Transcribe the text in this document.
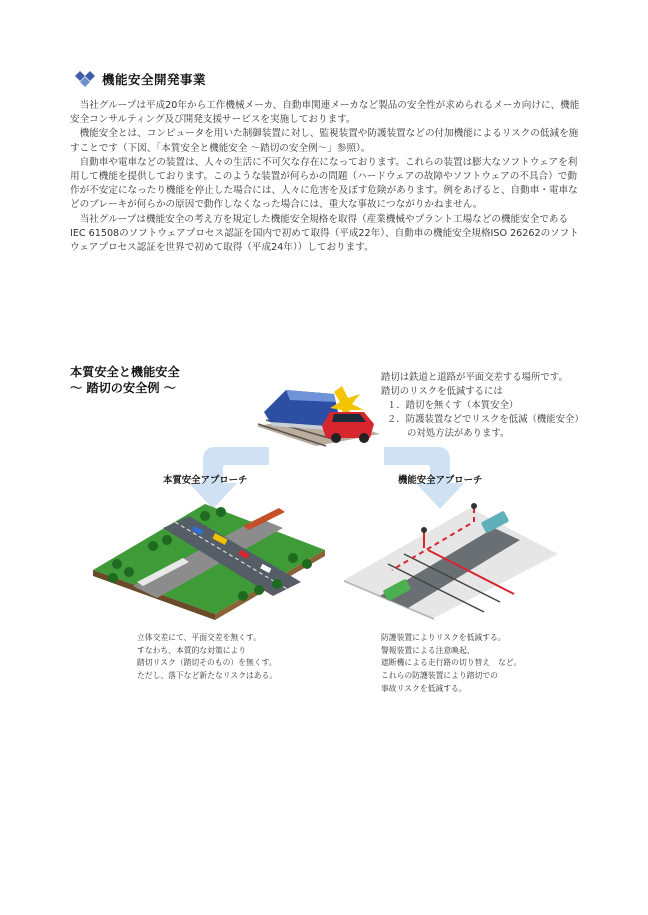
機能安全開発事業

当社グループは平成20年から工作機械メーカ、自動車関連メーカなど製品の安全性が求められるメーカ向けに、機能安全コンサルティング及び開発支援サービスを実施しております。

機能安全とは、コンピュータを用いた制御装置に対し、監視装置や防護装置などの付加機能によるリスクの低減を施すことです（下図、「本質安全と機能安全 〜踏切の安全例〜」参照）。

自動車や電車などの装置は、人々の生活に不可欠な存在になっております。これらの装置は膨大なソフトウェアを利用して機能を提供しております。このような装置が何らかの問題（ハードウェアの故障やソフトウェアの不具合）で動作が不安定になったり機能を停止した場合には、人々に危害を及ぼす危険があります。例をあげると、自動車・電車などのブレーキが何らかの原因で動作しなくなった場合には、重大な事故につながりかねません。

当社グループは機能安全の考え方を規定した機能安全規格を取得（産業機械やプラント工場などの機能安全であるIEC 61508のソフトウェアプロセス認証を国内で初めて取得（平成22年）、自動車の機能安全規格ISO 26262のソフトウェアプロセス認証を世界で初めて取得（平成24年））しております。

本質安全と機能安全
〜 踏切の安全例 〜
踏切は鉄道と道路が平面交差する場所です。
踏切のリスクを低減するには
１．踏切を無くす（本質安全）
２．防護装置などでリスクを低減（機能安全）
の対処方法があります。
本質安全アプローチ	機能安全アプローチ
立体交差にて、平面交差を無くす。
すなわち、本質的な対策により
踏切リスク（踏切そのもの）を無くす。
ただし、落下など新たなリスクはある。
防護装置によりリスクを低減する。
警報装置による注意喚起、
遮断機による走行路の切り替え　など。
これらの防護装置により踏切での
事故リスクを低減する。
